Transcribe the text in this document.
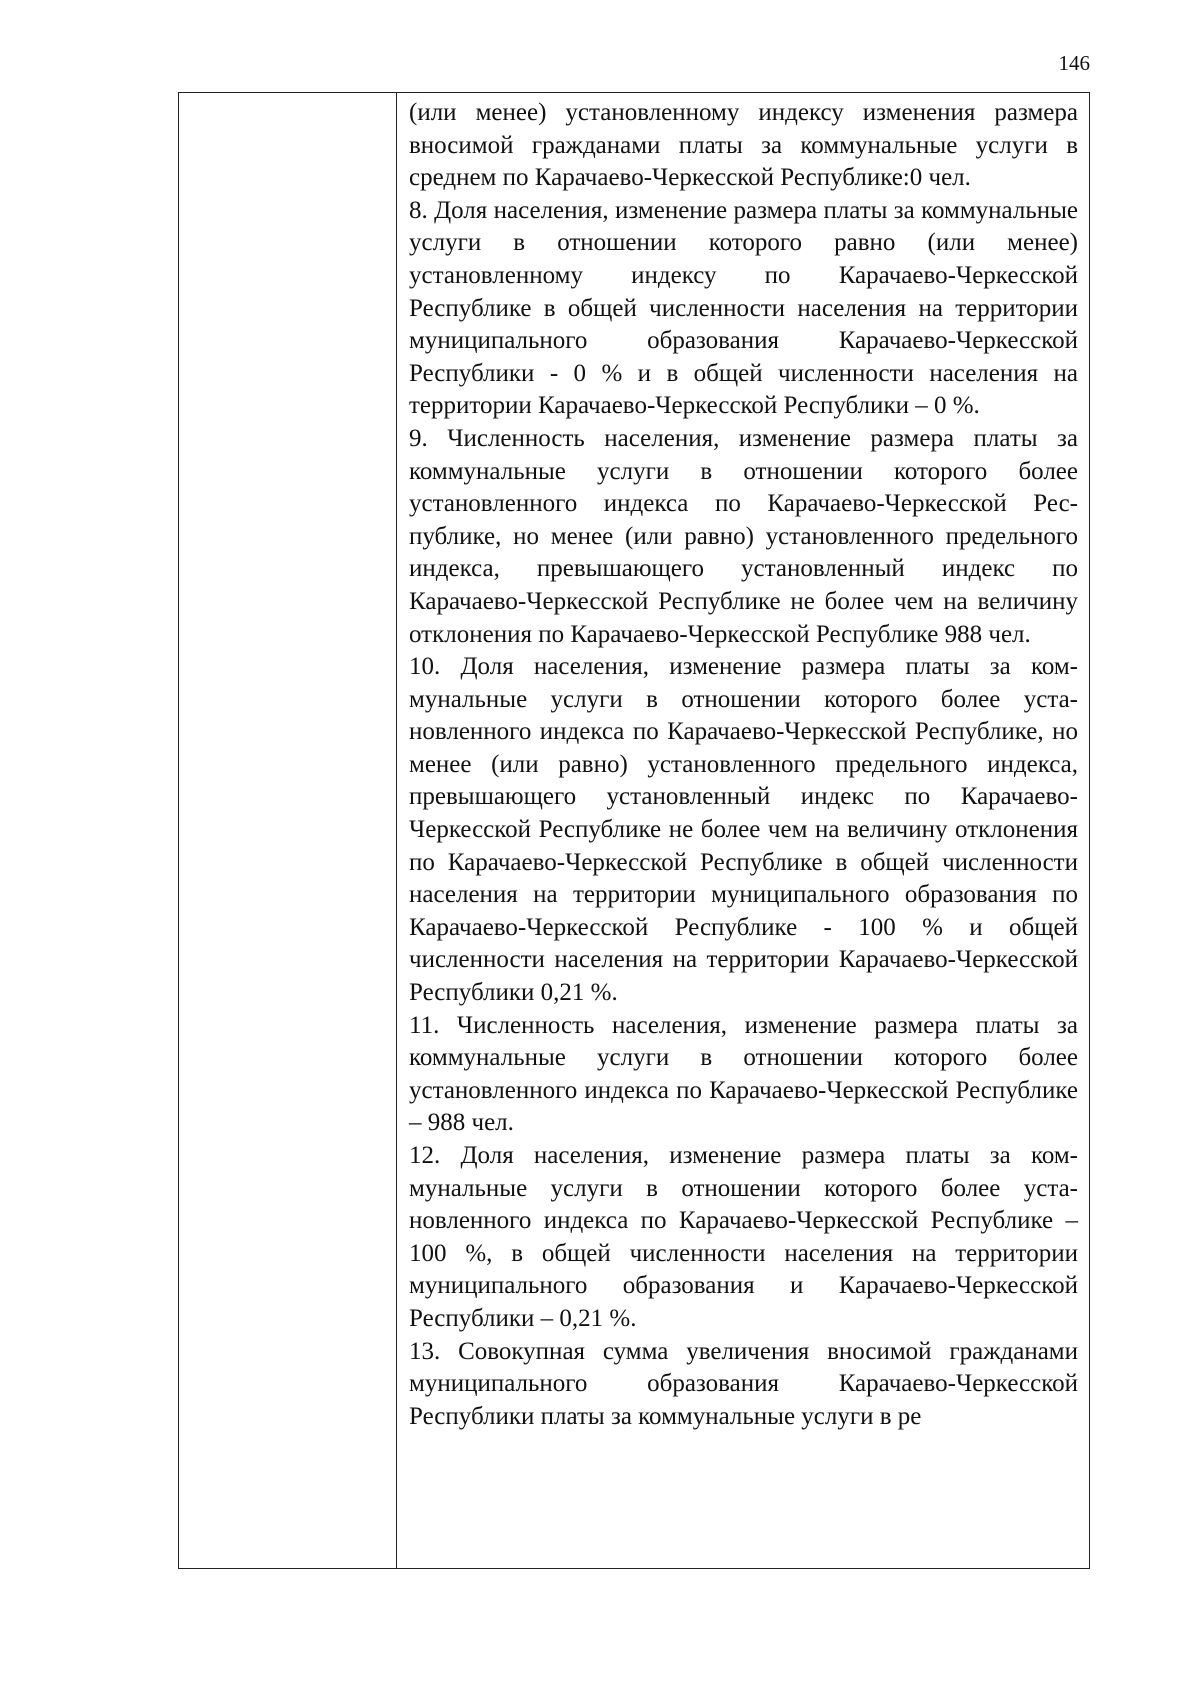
146

(или менее) установленному индексу изменения размера вносимой гражданами платы за коммунальные услуги в среднем по Карачаево-Черкесской Республике:0 чел.

8. Доля населения, изменение размера платы за коммунальные услуги в отношении которого равно (или менее) установленному индексу по Карачаево-Черкесской Республике в общей численности населения на территории муниципального образования Карачаево-Черкесской Республики - 0 % и в общей численности населения на территории Карачаево-Черкесской Республики – 0 %.

9. Численность населения, изменение размера платы за коммунальные услуги в отношении которого более установленного индекса по Карачаево-Черкесской Республике, но менее (или равно) установленного предельного индекса, превышающего установленный индекс по Карачаево-Черкесской Республике не более чем на величину отклонения по Карачаево-Черкесской Республике 988 чел.

10. Доля населения, изменение размера платы за коммунальные услуги в отношении которого более установленного индекса по Карачаево-Черкесской Республике, но менее (или равно) установленного предельного индекса, превышающего установленный индекс по Карачаево-Черкесской Республике не более чем на величину отклонения по Карачаево-Черкесской Республике в общей численности населения на территории муниципального образования по Карачаево-Черкесской Республике - 100 % и общей численности населения на территории Карачаево-Черкесской Республики 0,21 %.

11. Численность населения, изменение размера платы за коммунальные услуги в отношении которого более установленного индекса по Карачаево-Черкесской Республике – 988 чел.

12. Доля населения, изменение размера платы за коммунальные услуги в отношении которого более установленного индекса по Карачаево-Черкесской Республике – 100 %, в общей численности населения на территории муниципального образования и Карачаево-Черкесской Республики – 0,21 %.

13. Совокупная сумма увеличения вносимой гражданами муниципального образования Карачаево-Черкесской Республики платы за коммунальные услуги в ре
